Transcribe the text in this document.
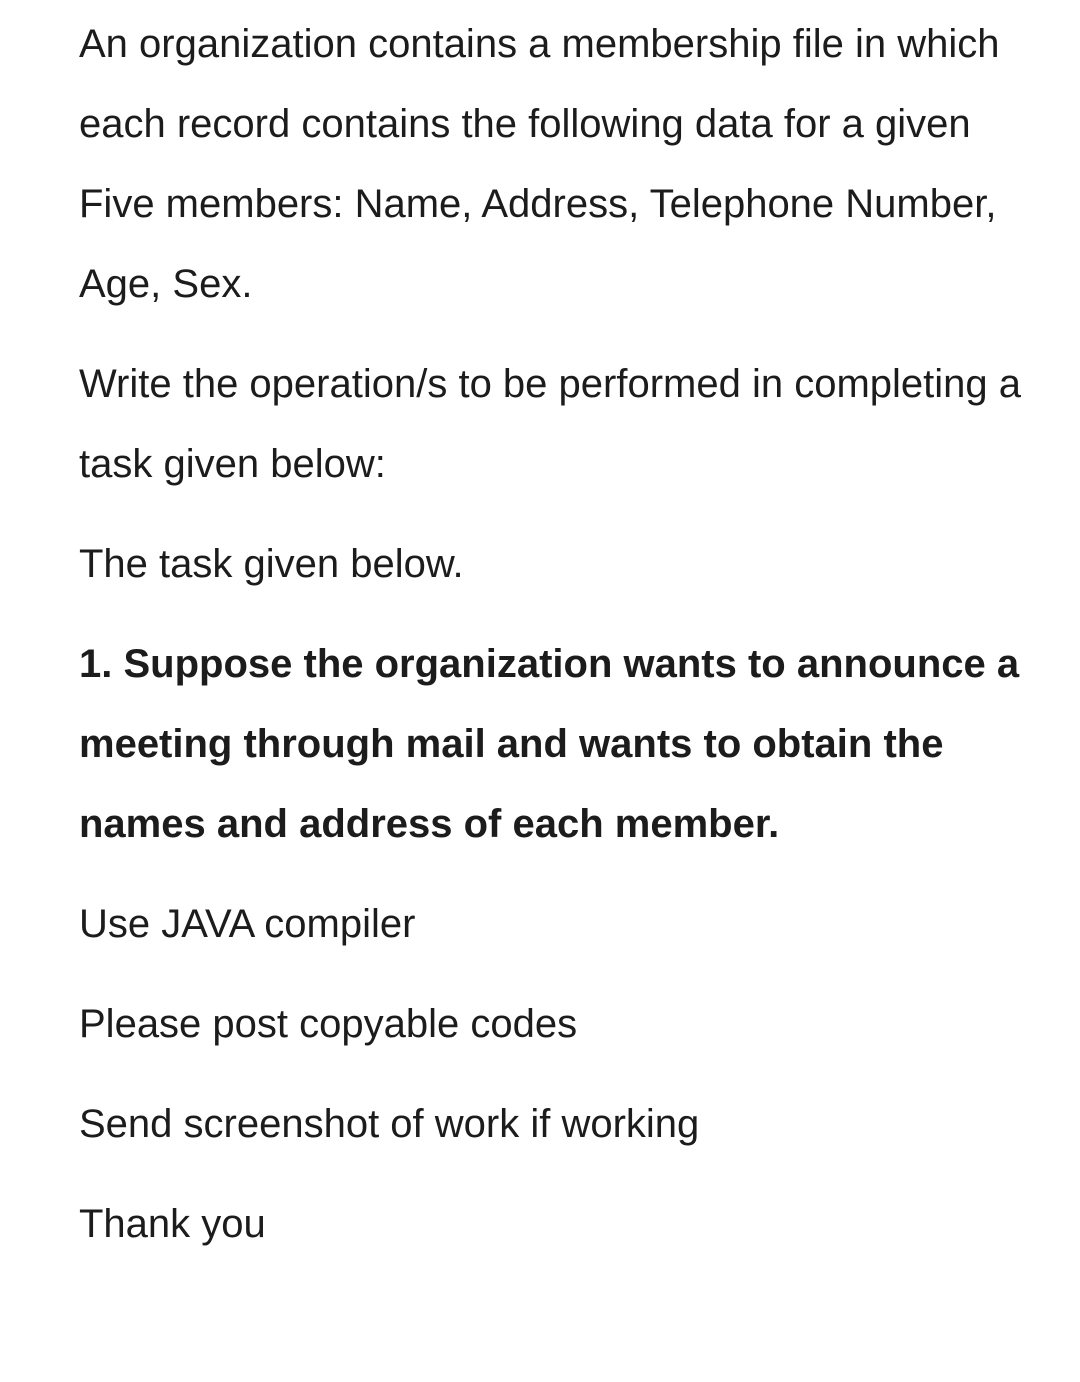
An organization contains a membership file in which each record contains the following data for a given Five members: Name, Address, Telephone Number, Age, Sex.

Write the operation/s to be performed in completing a task given below:

The task given below.

1. Suppose the organization wants to announce a meeting through mail and wants to obtain the names and address of each member.

Use JAVA compiler

Please post copyable codes

Send screenshot of work if working

Thank you
